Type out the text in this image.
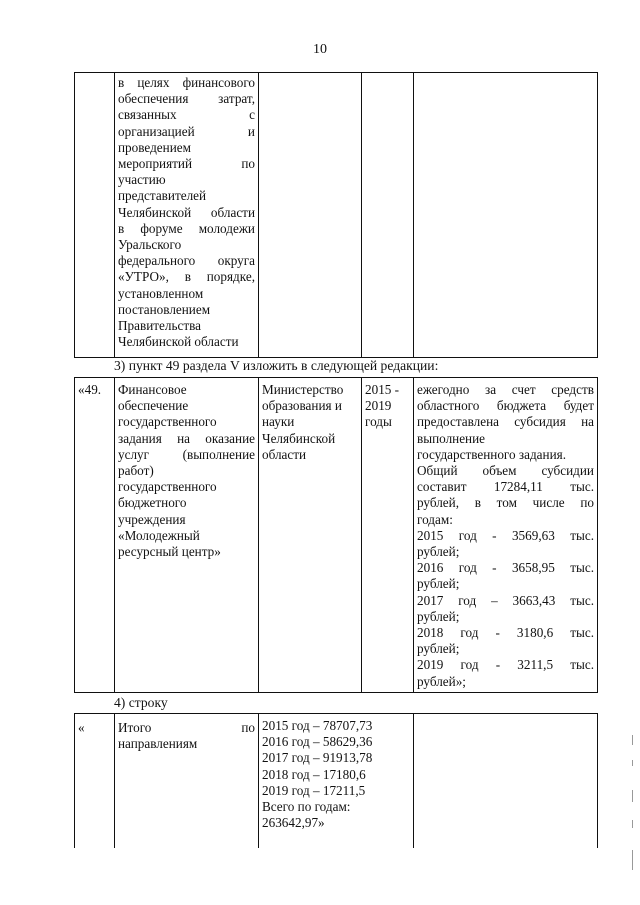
10
в целях финансового
обеспечения затрат,
связанных с
организацией и
проведением
мероприятий по
участию
представителей
Челябинской области
в форуме молодежи
Уральского
федерального округа
«УТРО», в порядке,
установленном
постановлением
Правительства
Челябинской области
3) пункт 49 раздела V изложить в следующей редакции:
«49.	Финансовое
обеспечение
государственного
задания на оказание
услуг (выполнение
работ)
государственного
бюджетного
учреждения
«Молодежный
ресурсный центр»
Министерство
образования и
науки
Челябинской
области
2015 -
2019
годы
ежегодно за счет средств
областного бюджета будет
предоставлена субсидия на
выполнение
государственного задания.
Общий объем субсидии
составит 17284,11 тыс.
рублей, в том числе по
годам:
2015 год - 3569,63 тыс.
рублей;
2016 год - 3658,95 тыс.
рублей;
2017 год – 3663,43 тыс.
рублей;
2018 год - 3180,6 тыс.
рублей;
2019 год - 3211,5 тыс.
рублей»;
4) строку
«	Итого по
направлениям
2015 год – 78707,73
2016 год – 58629,36
2017 год – 91913,78
2018 год – 17180,6
2019 год – 17211,5
Всего по годам:
263642,97»
